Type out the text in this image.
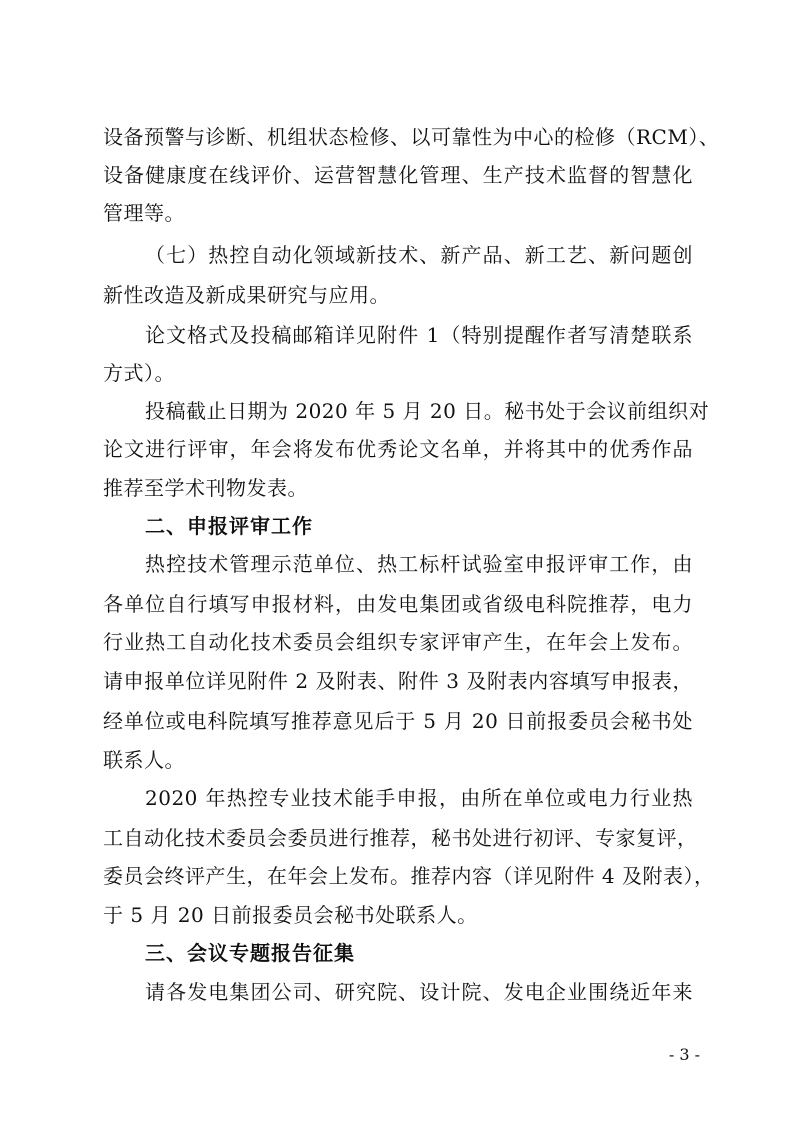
设备预警与诊断、机组状态检修、以可靠性为中心的检修（RCM）、
设备健康度在线评价、运营智慧化管理、生产技术监督的智慧化
管理等。
（七）热控自动化领域新技术、新产品、新工艺、新问题创
新性改造及新成果研究与应用。
论文格式及投稿邮箱详见附件 1（特别提醒作者写清楚联系
方式）。
投稿截止日期为 2020 年 5 月 20 日。秘书处于会议前组织对
论文进行评审，年会将发布优秀论文名单，并将其中的优秀作品
推荐至学术刊物发表。
二、申报评审工作
热控技术管理示范单位、热工标杆试验室申报评审工作，由
各单位自行填写申报材料，由发电集团或省级电科院推荐，电力
行业热工自动化技术委员会组织专家评审产生，在年会上发布。
请申报单位详见附件 2 及附表、附件 3 及附表内容填写申报表，
经单位或电科院填写推荐意见后于 5 月 20 日前报委员会秘书处
联系人。
2020 年热控专业技术能手申报，由所在单位或电力行业热
工自动化技术委员会委员进行推荐，秘书处进行初评、专家复评，
委员会终评产生，在年会上发布。推荐内容（详见附件 4 及附表），
于 5 月 20 日前报委员会秘书处联系人。
三、会议专题报告征集
请各发电集团公司、研究院、设计院、发电企业围绕近年来
- 3 -
